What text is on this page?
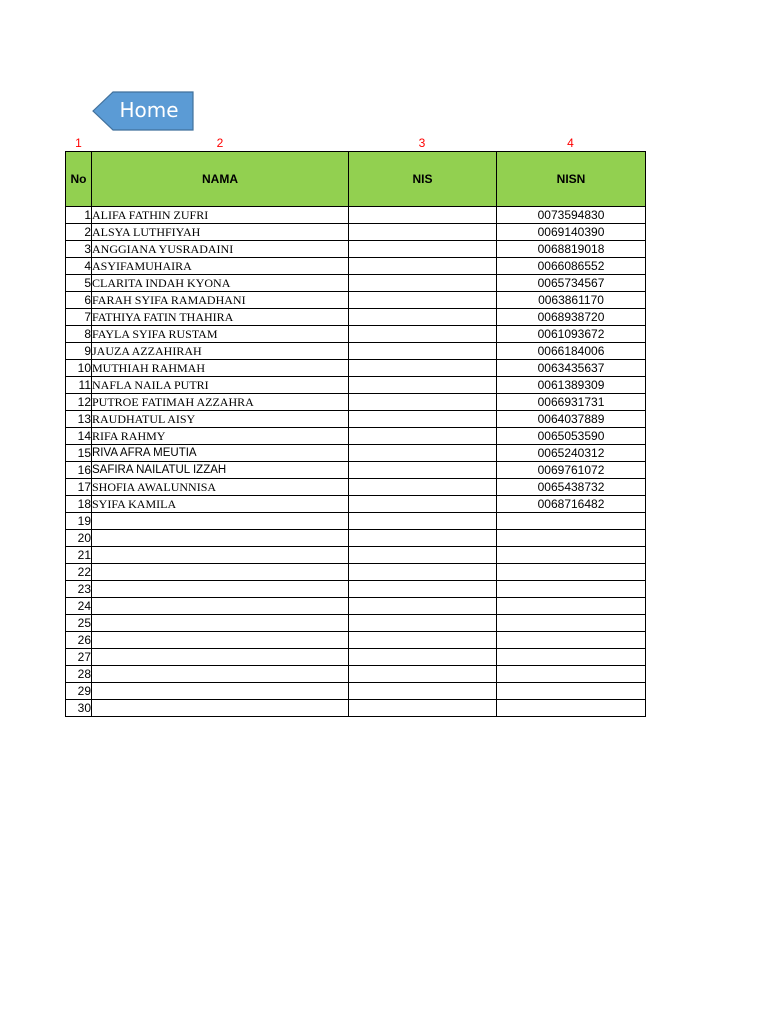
Home
1	2	3	4
No	NAMA	NIS	NISN
1	ALIFA FATHIN ZUFRI		0073594830
2	ALSYA LUTHFIYAH		0069140390
3	ANGGIANA YUSRADAINI		0068819018
4	ASYIFAMUHAIRA		0066086552
5	CLARITA INDAH KYONA		0065734567
6	FARAH SYIFA RAMADHANI		0063861170
7	FATHIYA FATIN THAHIRA		0068938720
8	FAYLA SYIFA RUSTAM		0061093672
9	JAUZA AZZAHIRAH		0066184006
10	MUTHIAH RAHMAH		0063435637
11	NAFLA NAILA PUTRI		0061389309
12	PUTROE FATIMAH AZZAHRA		0066931731
13	RAUDHATUL AISY		0064037889
14	RIFA RAHMY		0065053590
15	RIVA AFRA MEUTIA		0065240312
16	SAFIRA NAILATUL IZZAH		0069761072
17	SHOFIA AWALUNNISA		0065438732
18	SYIFA KAMILA		0068716482
19			
20			
21			
22			
23			
24			
25			
26			
27			
28			
29			
30			
